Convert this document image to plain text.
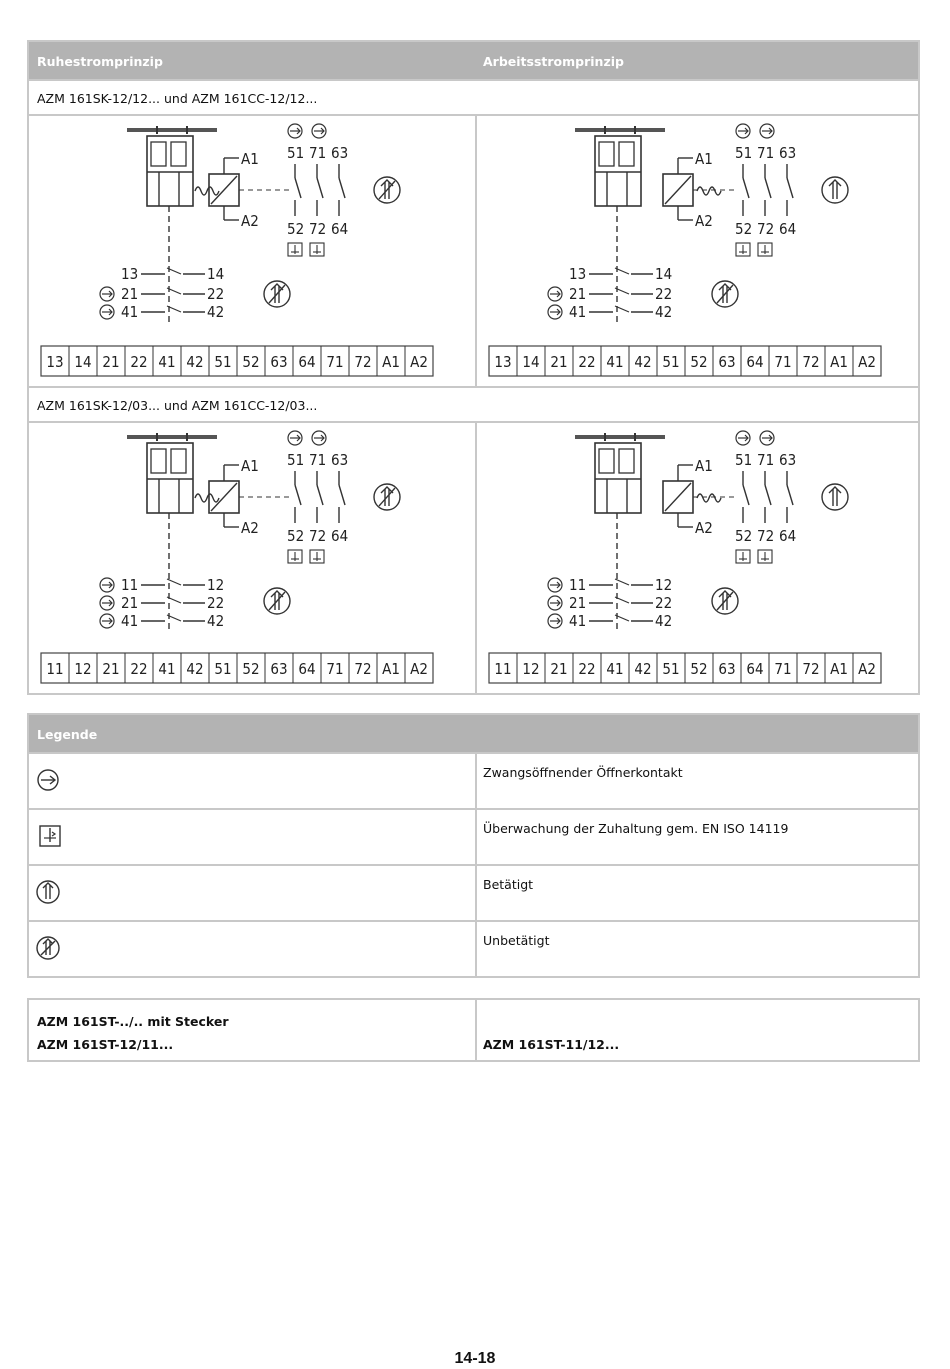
Ruhestromprinzip	Arbeitsstromprinzip
AZM 161SK-12/12... und AZM 161CC-12/12...
A1
A2
51 71 63
52 72 64
13	14
21	22
41	42
13 14 21 22 41 42 51 52 63 64 71 72 A1 A2
A1
A2
51 71 63
52 72 64
13	14
21	22
41	42
13 14 21 22 41 42 51 52 63 64 71 72 A1 A2
AZM 161SK-12/03... und AZM 161CC-12/03...
A1
A2
51 71 63
52 72 64
11	12
21	22
41	42
11 12 21 22 41 42 51 52 63 64 71 72 A1 A2
A1
A2
51 71 63
52 72 64
11	12
21	22
41	42
11 12 21 22 41 42 51 52 63 64 71 72 A1 A2
Legende
Zwangsöffnender Öffnerkontakt
Überwachung der Zuhaltung gem. EN ISO 14119
Betätigt
Unbetätigt
AZM 161ST-../.. mit Stecker
AZM 161ST-12/11...	AZM 161ST-11/12...
14-18
